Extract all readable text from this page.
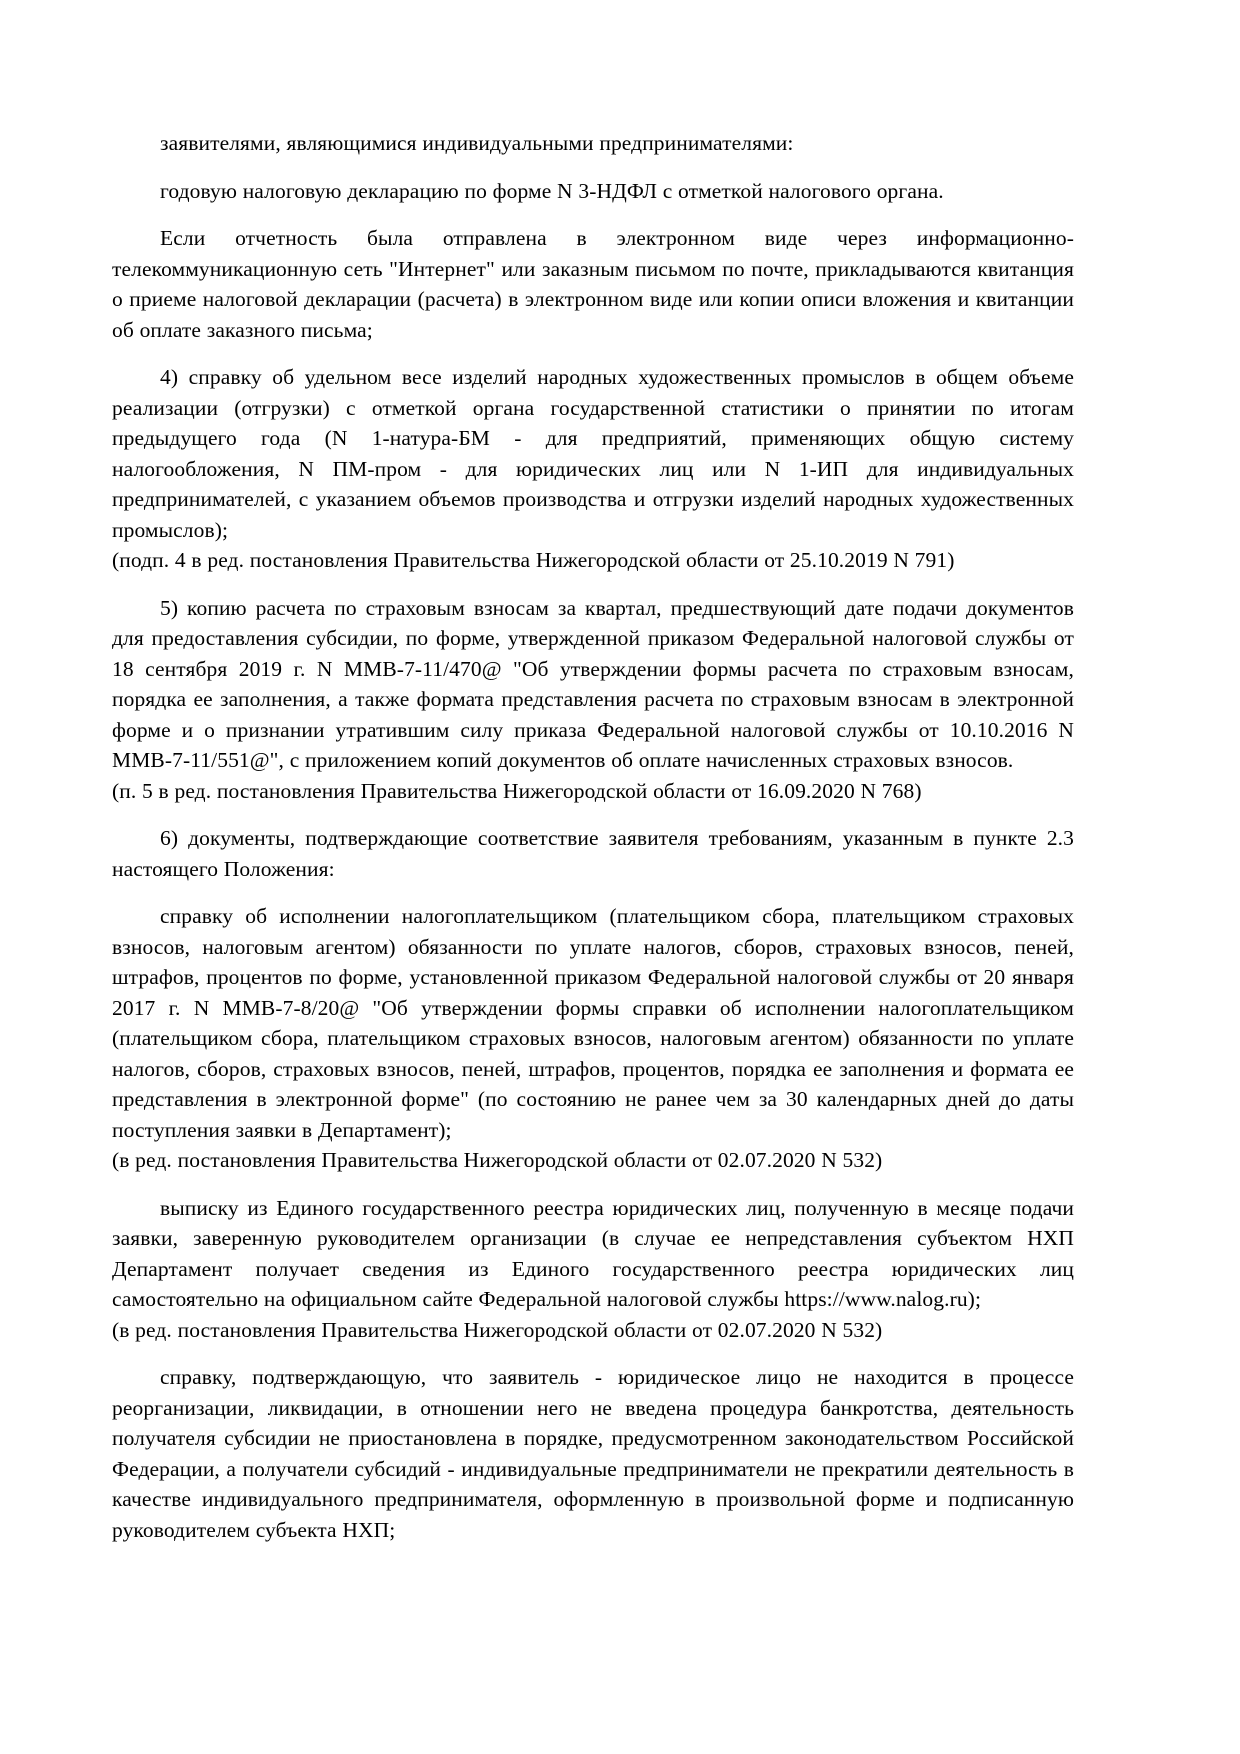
заявителями, являющимися индивидуальными предпринимателями:

годовую налоговую декларацию по форме N 3-НДФЛ с отметкой налогового органа.

Если отчетность была отправлена в электронном виде через информационно-телекоммуникационную сеть "Интернет" или заказным письмом по почте, прикладываются квитанция о приеме налоговой декларации (расчета) в электронном виде или копии описи вложения и квитанции об оплате заказного письма;

4) справку об удельном весе изделий народных художественных промыслов в общем объеме реализации (отгрузки) с отметкой органа государственной статистики о принятии по итогам предыдущего года (N 1-натура-БМ - для предприятий, применяющих общую систему налогообложения, N ПМ-пром - для юридических лиц или N 1-ИП для индивидуальных предпринимателей, с указанием объемов производства и отгрузки изделий народных художественных промыслов);

(подп. 4 в ред. постановления Правительства Нижегородской области от 25.10.2019 N 791)

5) копию расчета по страховым взносам за квартал, предшествующий дате подачи документов для предоставления субсидии, по форме, утвержденной приказом Федеральной налоговой службы от 18 сентября 2019 г. N ММВ-7-11/470@ "Об утверждении формы расчета по страховым взносам, порядка ее заполнения, а также формата представления расчета по страховым взносам в электронной форме и о признании утратившим силу приказа Федеральной налоговой службы от 10.10.2016 N ММВ-7-11/551@", с приложением копий документов об оплате начисленных страховых взносов.

(п. 5 в ред. постановления Правительства Нижегородской области от 16.09.2020 N 768)

6) документы, подтверждающие соответствие заявителя требованиям, указанным в пункте 2.3 настоящего Положения:

справку об исполнении налогоплательщиком (плательщиком сбора, плательщиком страховых взносов, налоговым агентом) обязанности по уплате налогов, сборов, страховых взносов, пеней, штрафов, процентов по форме, установленной приказом Федеральной налоговой службы от 20 января 2017 г. N ММВ-7-8/20@ "Об утверждении формы справки об исполнении налогоплательщиком (плательщиком сбора, плательщиком страховых взносов, налоговым агентом) обязанности по уплате налогов, сборов, страховых взносов, пеней, штрафов, процентов, порядка ее заполнения и формата ее представления в электронной форме" (по состоянию не ранее чем за 30 календарных дней до даты поступления заявки в Департамент);

(в ред. постановления Правительства Нижегородской области от 02.07.2020 N 532)

выписку из Единого государственного реестра юридических лиц, полученную в месяце подачи заявки, заверенную руководителем организации (в случае ее непредставления субъектом НХП Департамент получает сведения из Единого государственного реестра юридических лиц самостоятельно на официальном сайте Федеральной налоговой службы https://www.nalog.ru);

(в ред. постановления Правительства Нижегородской области от 02.07.2020 N 532)

справку, подтверждающую, что заявитель - юридическое лицо не находится в процессе реорганизации, ликвидации, в отношении него не введена процедура банкротства, деятельность получателя субсидии не приостановлена в порядке, предусмотренном законодательством Российской Федерации, а получатели субсидий - индивидуальные предприниматели не прекратили деятельность в качестве индивидуального предпринимателя, оформленную в произвольной форме и подписанную руководителем субъекта НХП;
